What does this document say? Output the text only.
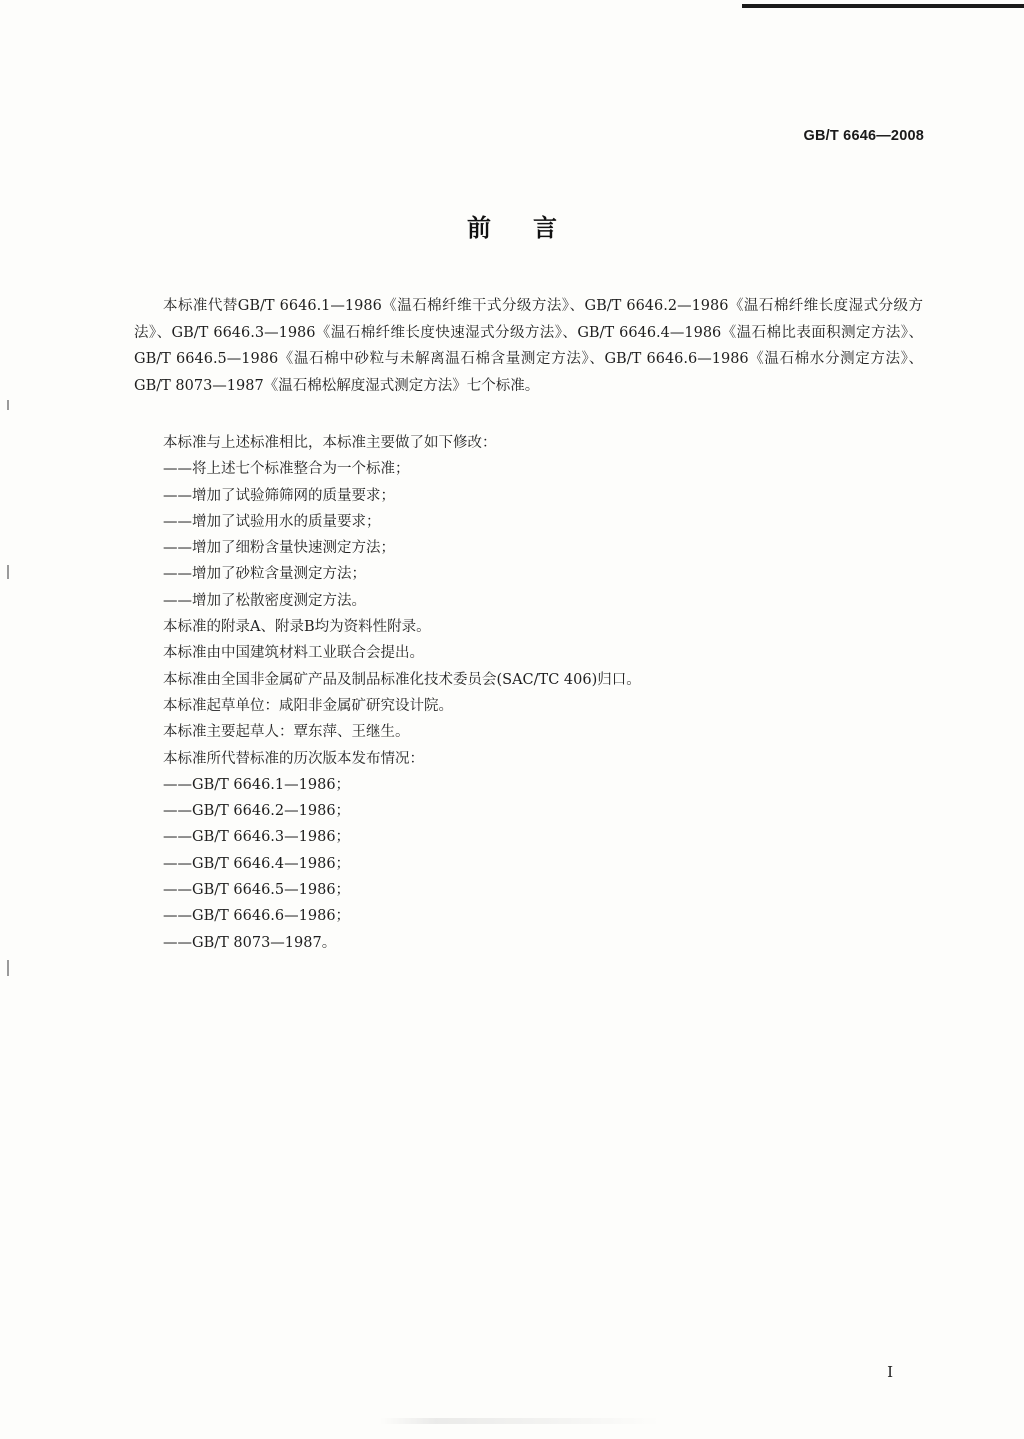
GB/T 6646—2008
前言

本标准代替GB/T 6646.1—1986《温石棉纤维干式分级方法》、GB/T 6646.2—1986《温石棉纤维长度湿式分级方法》、GB/T 6646.3—1986《温石棉纤维长度快速湿式分级方法》、GB/T 6646.4—1986《温石棉比表面积测定方法》、GB/T 6646.5—1986《温石棉中砂粒与未解离温石棉含量测定方法》、GB/T 6646.6—1986《温石棉水分测定方法》、GB/T 8073—1987《温石棉松解度湿式测定方法》七个标准。

本标准与上述标准相比，本标准主要做了如下修改：
——将上述七个标准整合为一个标准；
——增加了试验筛筛网的质量要求；
——增加了试验用水的质量要求；
——增加了细粉含量快速测定方法；
——增加了砂粒含量测定方法；
——增加了松散密度测定方法。
本标准的附录A、附录B均为资料性附录。
本标准由中国建筑材料工业联合会提出。
本标准由全国非金属矿产品及制品标准化技术委员会(SAC/TC 406)归口。
本标准起草单位：咸阳非金属矿研究设计院。
本标准主要起草人：覃东萍、王继生。
本标准所代替标准的历次版本发布情况：
——GB/T 6646.1—1986；
——GB/T 6646.2—1986；
——GB/T 6646.3—1986；
——GB/T 6646.4—1986；
——GB/T 6646.5—1986；
——GB/T 6646.6—1986；
——GB/T 8073—1987。
I
